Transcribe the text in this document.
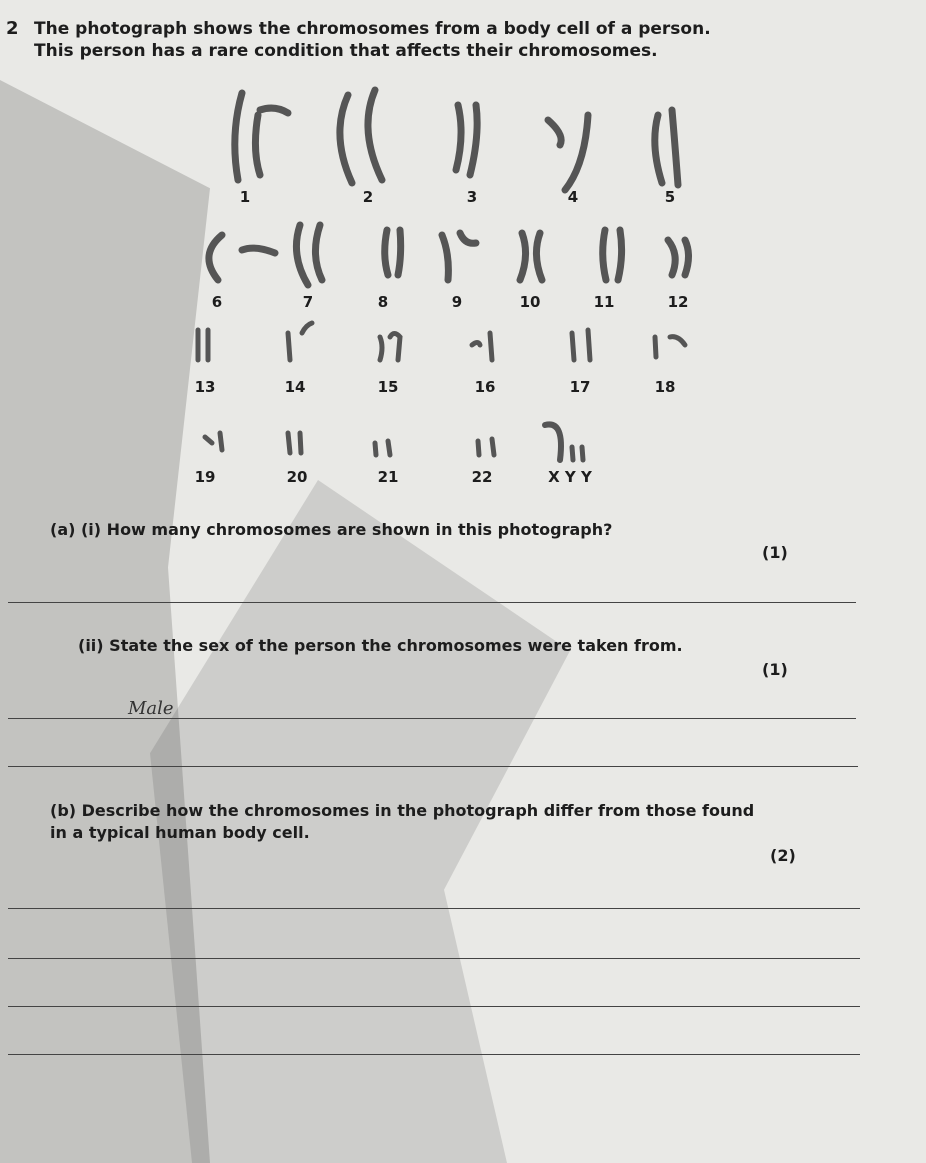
2 The photograph shows the chromosomes from a body cell of a person. This person has a rare condition that affects their chromosomes.
1	2	3	4	5
6	7	8	9	10	11	12
13	14	15	16	17	18
19	20	21	22	X Y Y
(a) (i) How many chromosomes are shown in this photograph?
(1)
(ii) State the sex of the person the chromosomes were taken from.
(1)
Male
(b) Describe how the chromosomes in the photograph differ from those found in a typical human body cell.
(2)
